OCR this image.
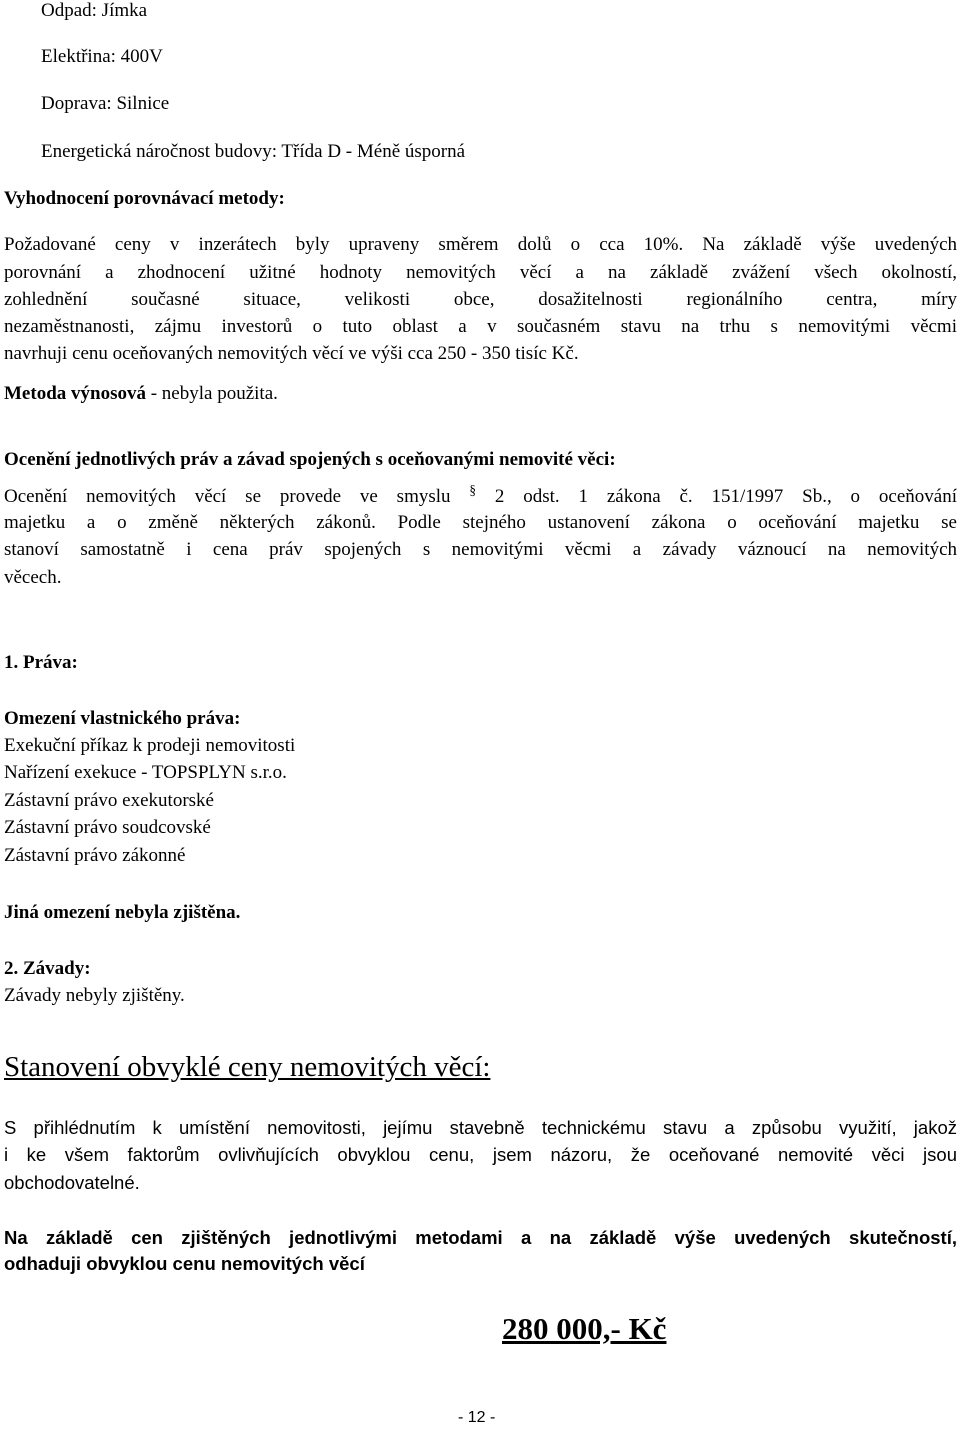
Odpad: Jímka

Elektřina: 400V

Doprava: Silnice

Energetická náročnost budovy: Třída D - Méně úsporná

Vyhodnocení porovnávací metody:

Požadované ceny v inzerátech byly upraveny směrem dolů o cca 10%. Na základě výše uvedených

porovnání a zhodnocení užitné hodnoty nemovitých věcí a na základě zvážení všech okolností,

zohlednění současné situace, velikosti obce, dosažitelnosti regionálního centra, míry

nezaměstnanosti, zájmu investorů o tuto oblast a v současném stavu na trhu s nemovitými věcmi

navrhuji cenu oceňovaných nemovitých věcí ve výši cca 250 - 350 tisíc Kč.

Metoda výnosová - nebyla použita.

Ocenění jednotlivých práv a závad spojených s oceňovanými nemovité věci:

Ocenění nemovitých věcí se provede ve smyslu § 2 odst. 1 zákona č. 151/1997 Sb., o oceňování

majetku a o změně některých zákonů. Podle stejného ustanovení zákona o oceňování majetku se

stanoví samostatně i cena práv spojených s nemovitými věcmi a závady váznoucí na nemovitých

věcech.

1. Práva:

Omezení vlastnického práva:

Exekuční příkaz k prodeji nemovitosti

Nařízení exekuce - TOPSPLYN s.r.o.

Zástavní právo exekutorské

Zástavní právo soudcovské

Zástavní právo zákonné

Jiná omezení nebyla zjištěna.

2. Závady:

Závady nebyly zjištěny.

Stanovení obvyklé ceny nemovitých věcí:

S přihlédnutím k umístění nemovitosti, jejímu stavebně technickému stavu a způsobu využití, jakož

i ke všem faktorům ovlivňujících obvyklou cenu, jsem názoru, že oceňované nemovité věci jsou

obchodovatelné.

Na základě cen zjištěných jednotlivými metodami a na základě výše uvedených skutečností,

odhaduji obvyklou cenu nemovitých věcí

280 000,- Kč

- 12 -
